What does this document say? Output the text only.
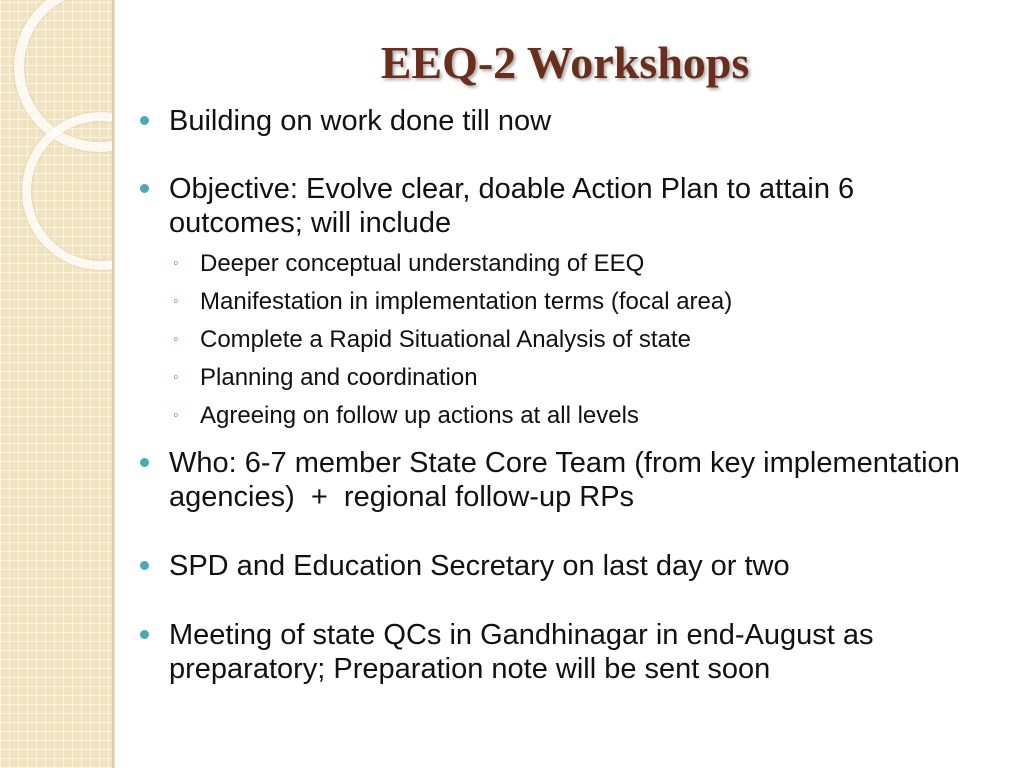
EEQ-2 Workshops
Building on work done till now
Objective: Evolve clear, doable Action Plan to attain 6 outcomes; will include
◦ Deeper conceptual understanding of EEQ
◦ Manifestation in implementation terms (focal area)
◦ Complete a Rapid Situational Analysis of state
◦ Planning and coordination
◦ Agreeing on follow up actions at all levels
Who: 6-7 member State Core Team (from key implementation agencies)  +  regional follow-up RPs
SPD and Education Secretary on last day or two
Meeting of state QCs in Gandhinagar in end-August as preparatory; Preparation note will be sent soon
